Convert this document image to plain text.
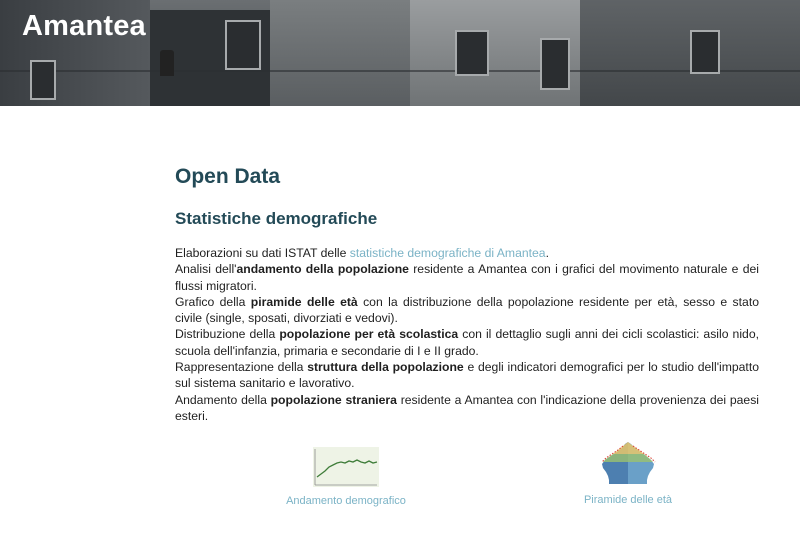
Amantea
Open Data
Statistiche demografiche

Elaborazioni su dati ISTAT delle statistiche demografiche di Amantea.

Analisi dell'andamento della popolazione residente a Amantea con i grafici del movimento naturale e dei flussi migratori.

Grafico della piramide delle età con la distribuzione della popolazione residente per età, sesso e stato civile (single, sposati, divorziati e vedovi).

Distribuzione della popolazione per età scolastica con il dettaglio sugli anni dei cicli scolastici: asilo nido, scuola dell'infanzia, primaria e secondarie di I e II grado.

Rappresentazione della struttura della popolazione e degli indicatori demografici per lo studio dell'impatto sul sistema sanitario e lavorativo.

Andamento della popolazione straniera residente a Amantea con l'indicazione della provenienza dei paesi esteri.

Andamento demografico	Piramide delle età
